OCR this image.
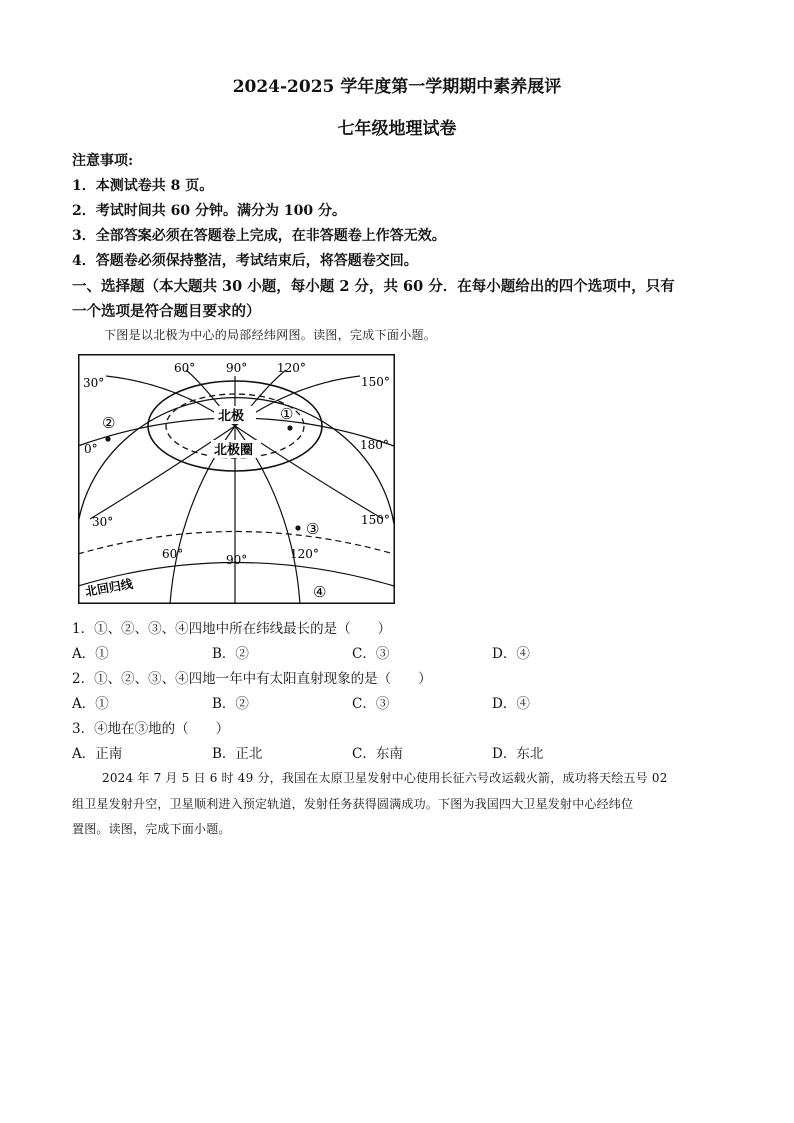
2024-2025 学年度第一学期期中素养展评
七年级地理试卷
注意事项:
1．本测试卷共 8 页。
2．考试时间共 60 分钟。满分为 100 分。
3．全部答案必须在答题卷上完成，在非答题卷上作答无效。
4．答题卷必须保持整洁，考试结束后，将答题卷交回。
一、选择题（本大题共 30 小题，每小题 2 分，共 60 分．在每小题给出的四个选项中，只有
一个选项是符合题目要求的）
下图是以北极为中心的局部经纬网图。读图，完成下面小题。
30°
60°	90° 120°
150°
0°	180°
30°
60°	90°	120°
150°
北极
北极圈
北回归线
②	①
③
④
1．①、②、③、④四地中所在纬线最长的是（　　）
A．①	B．②	C．③	D．④
2．①、②、③、④四地一年中有太阳直射现象的是（　　）
A．①	B．②	C．③	D．④
3．④地在③地的（　　）
A．正南	B．正北	C．东南	D．东北
2024 年 7 月 5 日 6 时 49 分，我国在太原卫星发射中心使用长征六号改运载火箭，成功将天绘五号 02
组卫星发射升空，卫星顺利进入预定轨道，发射任务获得圆满成功。下图为我国四大卫星发射中心经纬位
置图。读图，完成下面小题。
